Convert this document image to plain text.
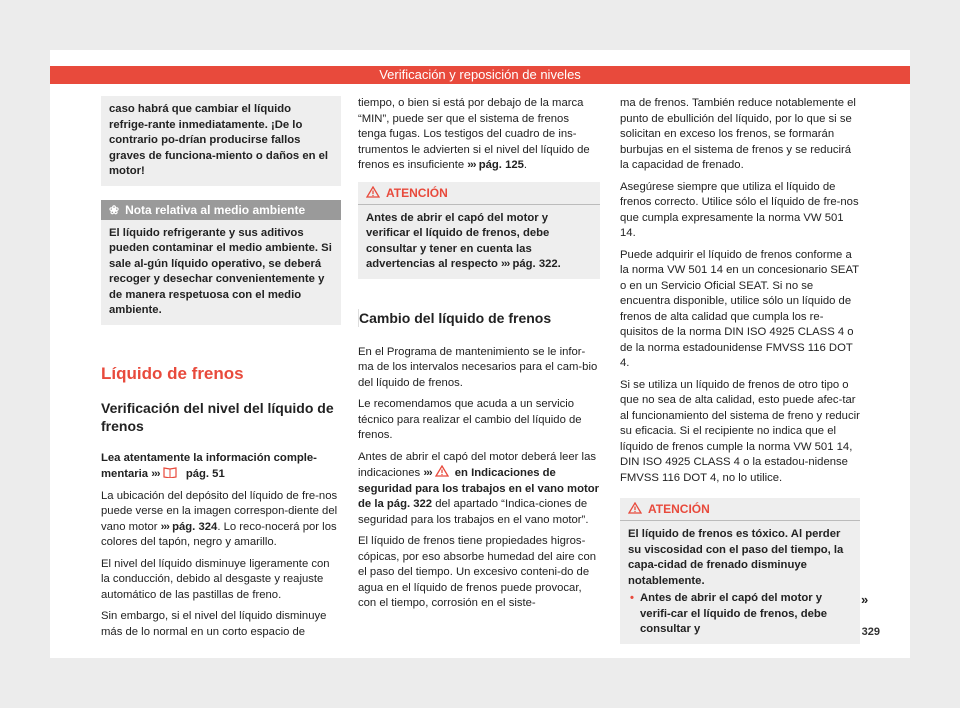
Verificación y reposición de niveles
caso habrá que cambiar el líquido refrige-rante inmediatamente. ¡De lo contrario po-drían producirse fallos graves de funciona-miento o daños en el motor!
❀ Nota relativa al medio ambiente
El líquido refrigerante y sus aditivos pueden contaminar el medio ambiente. Si sale al-gún líquido operativo, se deberá recoger y desechar convenientemente y de manera respetuosa con el medio ambiente.
Líquido de frenos
Verificación del nivel del líquido de frenos

Lea atentamente la información comple-mentaria ››› pág. 51

La ubicación del depósito del líquido de fre-nos puede verse en la imagen correspon-diente del vano motor ››› pág. 324. Lo reco-nocerá por los colores del tapón, negro y amarillo.

El nivel del líquido disminuye ligeramente con la conducción, debido al desgaste y reajuste automático de las pastillas de freno.

Sin embargo, si el nivel del líquido disminuye más de lo normal en un corto espacio de

tiempo, o bien si está por debajo de la marca “MIN”, puede ser que el sistema de frenos tenga fugas. Los testigos del cuadro de ins-trumentos le advierten si el nivel del líquido de frenos es insuficiente ››› pág. 125.

ATENCIÓN
Antes de abrir el capó del motor y verificar el líquido de frenos, debe consultar y tener en cuenta las advertencias al respecto ››› pág. 322.
Cambio del líquido de frenos

En el Programa de mantenimiento se le infor-ma de los intervalos necesarios para el cam-bio del líquido de frenos.

Le recomendamos que acuda a un servicio técnico para realizar el cambio del líquido de frenos.

Antes de abrir el capó del motor deberá leer las indicaciones ››› en Indicaciones de seguridad para los trabajos en el vano motor de la pág. 322 del apartado “Indica-ciones de seguridad para los trabajos en el vano motor”.

El líquido de frenos tiene propiedades higros-cópicas, por eso absorbe humedad del aire con el paso del tiempo. Un excesivo conteni-do de agua en el líquido de frenos puede provocar, con el tiempo, corrosión en el siste-

ma de frenos. También reduce notablemente el punto de ebullición del líquido, por lo que si se solicitan en exceso los frenos, se formarán burbujas en el sistema de frenos y se reducirá la capacidad de frenado.

Asegúrese siempre que utiliza el líquido de frenos correcto. Utilice sólo el líquido de fre-nos que cumpla expresamente la norma VW 501 14.

Puede adquirir el líquido de frenos conforme a la norma VW 501 14 en un concesionario SEAT o en un Servicio Oficial SEAT. Si no se encuentra disponible, utilice sólo un líquido de frenos de alta calidad que cumpla los re-quisitos de la norma DIN ISO 4925 CLASS 4 o de la norma estadounidense FMVSS 116 DOT 4.

Si se utiliza un líquido de frenos de otro tipo o que no sea de alta calidad, esto puede afec-tar al funcionamiento del sistema de freno y reducir su eficacia. Si el recipiente no indica que el líquido de frenos cumple la norma VW 501 14, DIN ISO 4925 CLASS 4 o la estadou-nidense FMVSS 116 DOT 4, no lo utilice.

ATENCIÓN
El líquido de frenos es tóxico. Al perder su viscosidad con el paso del tiempo, la capa-cidad de frenado disminuye notablemente.
• Antes de abrir el capó del motor y verifi-car el líquido de frenos, debe consultar y
»
329
